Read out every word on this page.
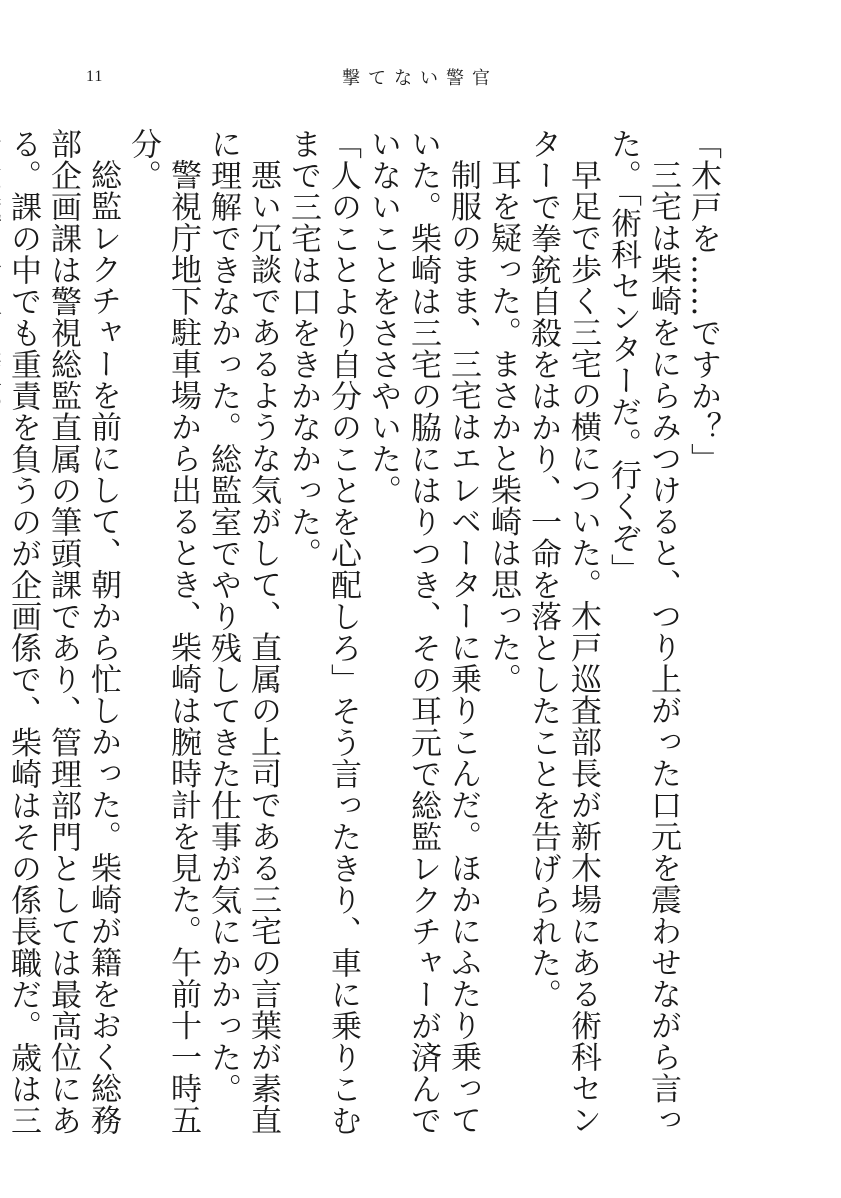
11	撃てない警官

「木戸を……ですか？」

三宅は柴崎をにらみつけると、つり上がった口元を震わせながら言った。「術科センターだ。行くぞ」

早足で歩く三宅の横についた。木戸巡査部長が新木場にある術科センターで拳銃自殺をはかり、一命を落としたことを告げられた。

耳を疑った。まさかと柴崎は思った。

制服のまま、三宅はエレベーターに乗りこんだ。ほかにふたり乗っていた。柴崎は三宅の脇にはりつき、その耳元で総監レクチャーが済んでいないことをささやいた。

「人のことより自分のことを心配しろ」そう言ったきり、車に乗りこむまで三宅は口をきかなかった。

悪い冗談であるような気がして、直属の上司である三宅の言葉が素直に理解できなかった。総監室でやり残してきた仕事が気にかかった。

警視庁地下駐車場から出るとき、柴崎は腕時計を見た。午前十一時五分。

総監レクチャーを前にして、朝から忙しかった。柴崎が籍をおく総務部企画課は警視総監直属の筆頭課であり、管理部門としては最高位にある。課の中でも重責を負うのが企画係で、柴崎はその係長職だ。歳は三
